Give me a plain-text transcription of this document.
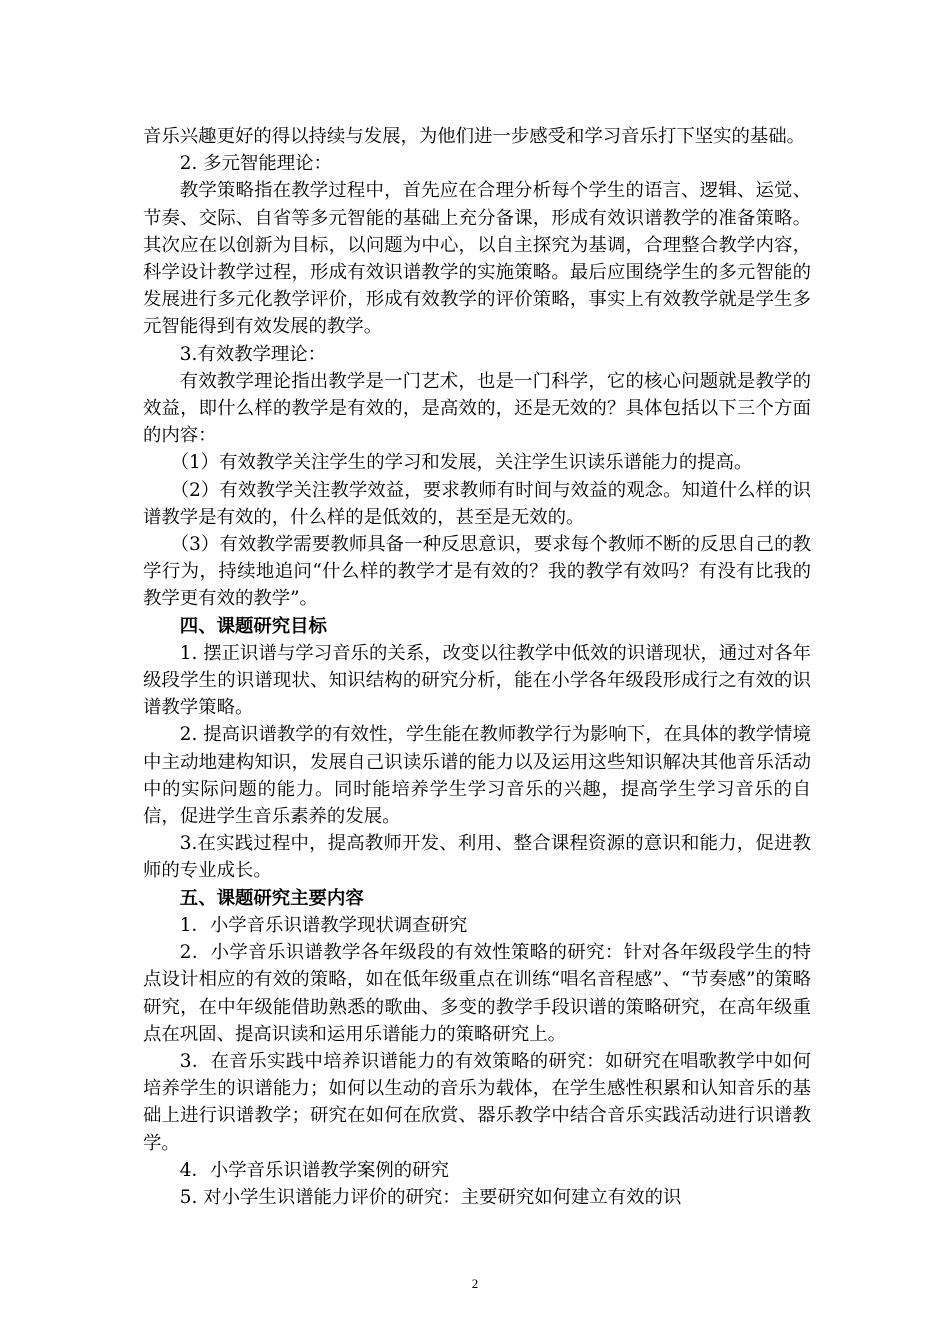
音乐兴趣更好的得以持续与发展，为他们进一步感受和学习音乐打下坚实的基础。

2. 多元智能理论：

教学策略指在教学过程中，首先应在合理分析每个学生的语言、逻辑、运觉、节奏、交际、自省等多元智能的基础上充分备课，形成有效识谱教学的准备策略。其次应在以创新为目标，以问题为中心，以自主探究为基调，合理整合教学内容，科学设计教学过程，形成有效识谱教学的实施策略。最后应围绕学生的多元智能的发展进行多元化教学评价，形成有效教学的评价策略，事实上有效教学就是学生多元智能得到有效发展的教学。

3.有效教学理论：

有效教学理论指出教学是一门艺术，也是一门科学，它的核心问题就是教学的效益，即什么样的教学是有效的，是高效的，还是无效的？具体包括以下三个方面的内容：

（1）有效教学关注学生的学习和发展，关注学生识读乐谱能力的提高。

（2）有效教学关注教学效益，要求教师有时间与效益的观念。知道什么样的识谱教学是有效的，什么样的是低效的，甚至是无效的。

（3）有效教学需要教师具备一种反思意识，要求每个教师不断的反思自己的教学行为，持续地追问“什么样的教学才是有效的？我的教学有效吗？有没有比我的教学更有效的教学”。

四、课题研究目标

1. 摆正识谱与学习音乐的关系，改变以往教学中低效的识谱现状，通过对各年级段学生的识谱现状、知识结构的研究分析，能在小学各年级段形成行之有效的识谱教学策略。

2. 提高识谱教学的有效性，学生能在教师教学行为影响下，在具体的教学情境中主动地建构知识，发展自己识读乐谱的能力以及运用这些知识解决其他音乐活动中的实际问题的能力。同时能培养学生学习音乐的兴趣，提高学生学习音乐的自信，促进学生音乐素养的发展。

3.在实践过程中，提高教师开发、利用、整合课程资源的意识和能力，促进教师的专业成长。

五、课题研究主要内容

1．小学音乐识谱教学现状调查研究

2．小学音乐识谱教学各年级段的有效性策略的研究：针对各年级段学生的特点设计相应的有效的策略，如在低年级重点在训练“唱名音程感”、“节奏感”的策略研究，在中年级能借助熟悉的歌曲、多变的教学手段识谱的策略研究，在高年级重点在巩固、提高识读和运用乐谱能力的策略研究上。

3．在音乐实践中培养识谱能力的有效策略的研究：如研究在唱歌教学中如何培养学生的识谱能力；如何以生动的音乐为载体，在学生感性积累和认知音乐的基础上进行识谱教学；研究在如何在欣赏、器乐教学中结合音乐实践活动进行识谱教学。

4．小学音乐识谱教学案例的研究

5. 对小学生识谱能力评价的研究：主要研究如何建立有效的识

2
